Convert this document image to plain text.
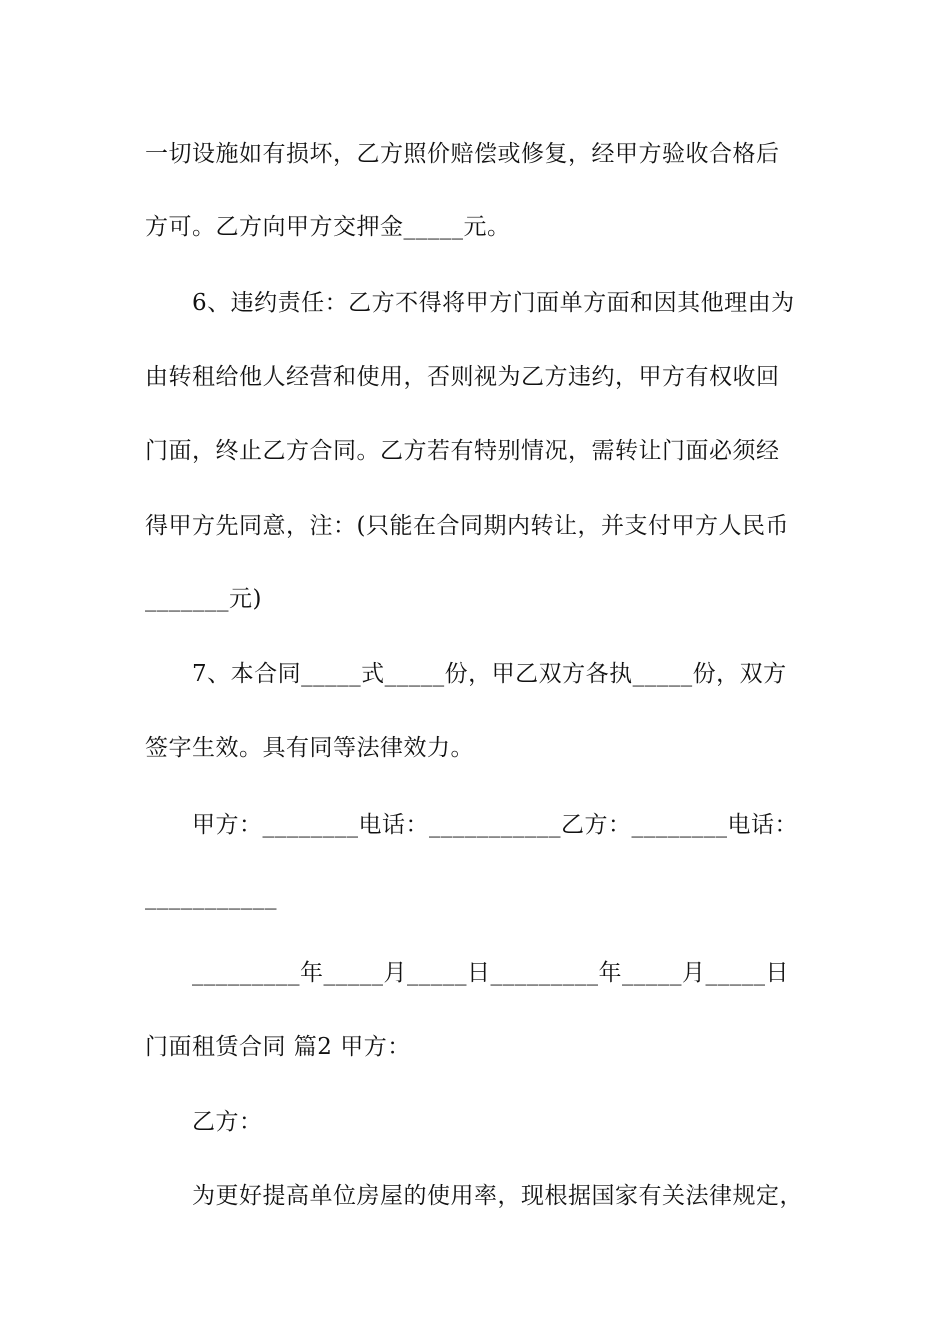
一切设施如有损坏，乙方照价赔偿或修复，经甲方验收合格后
方可。乙方向甲方交押金_____元。
6、违约责任：乙方不得将甲方门面单方面和因其他理由为
由转租给他人经营和使用，否则视为乙方违约，甲方有权收回
门面，终止乙方合同。乙方若有特别情况，需转让门面必须经
得甲方先同意，注：(只能在合同期内转让，并支付甲方人民币
_______元)
7、本合同_____式_____份，甲乙双方各执_____份，双方
签字生效。具有同等法律效力。
甲方：________电话：___________乙方：________电话：
___________
_________年_____月_____日_________年_____月_____日
门面租赁合同 篇2 甲方：
乙方：
为更好提高单位房屋的使用率，现根据国家有关法律规定，
